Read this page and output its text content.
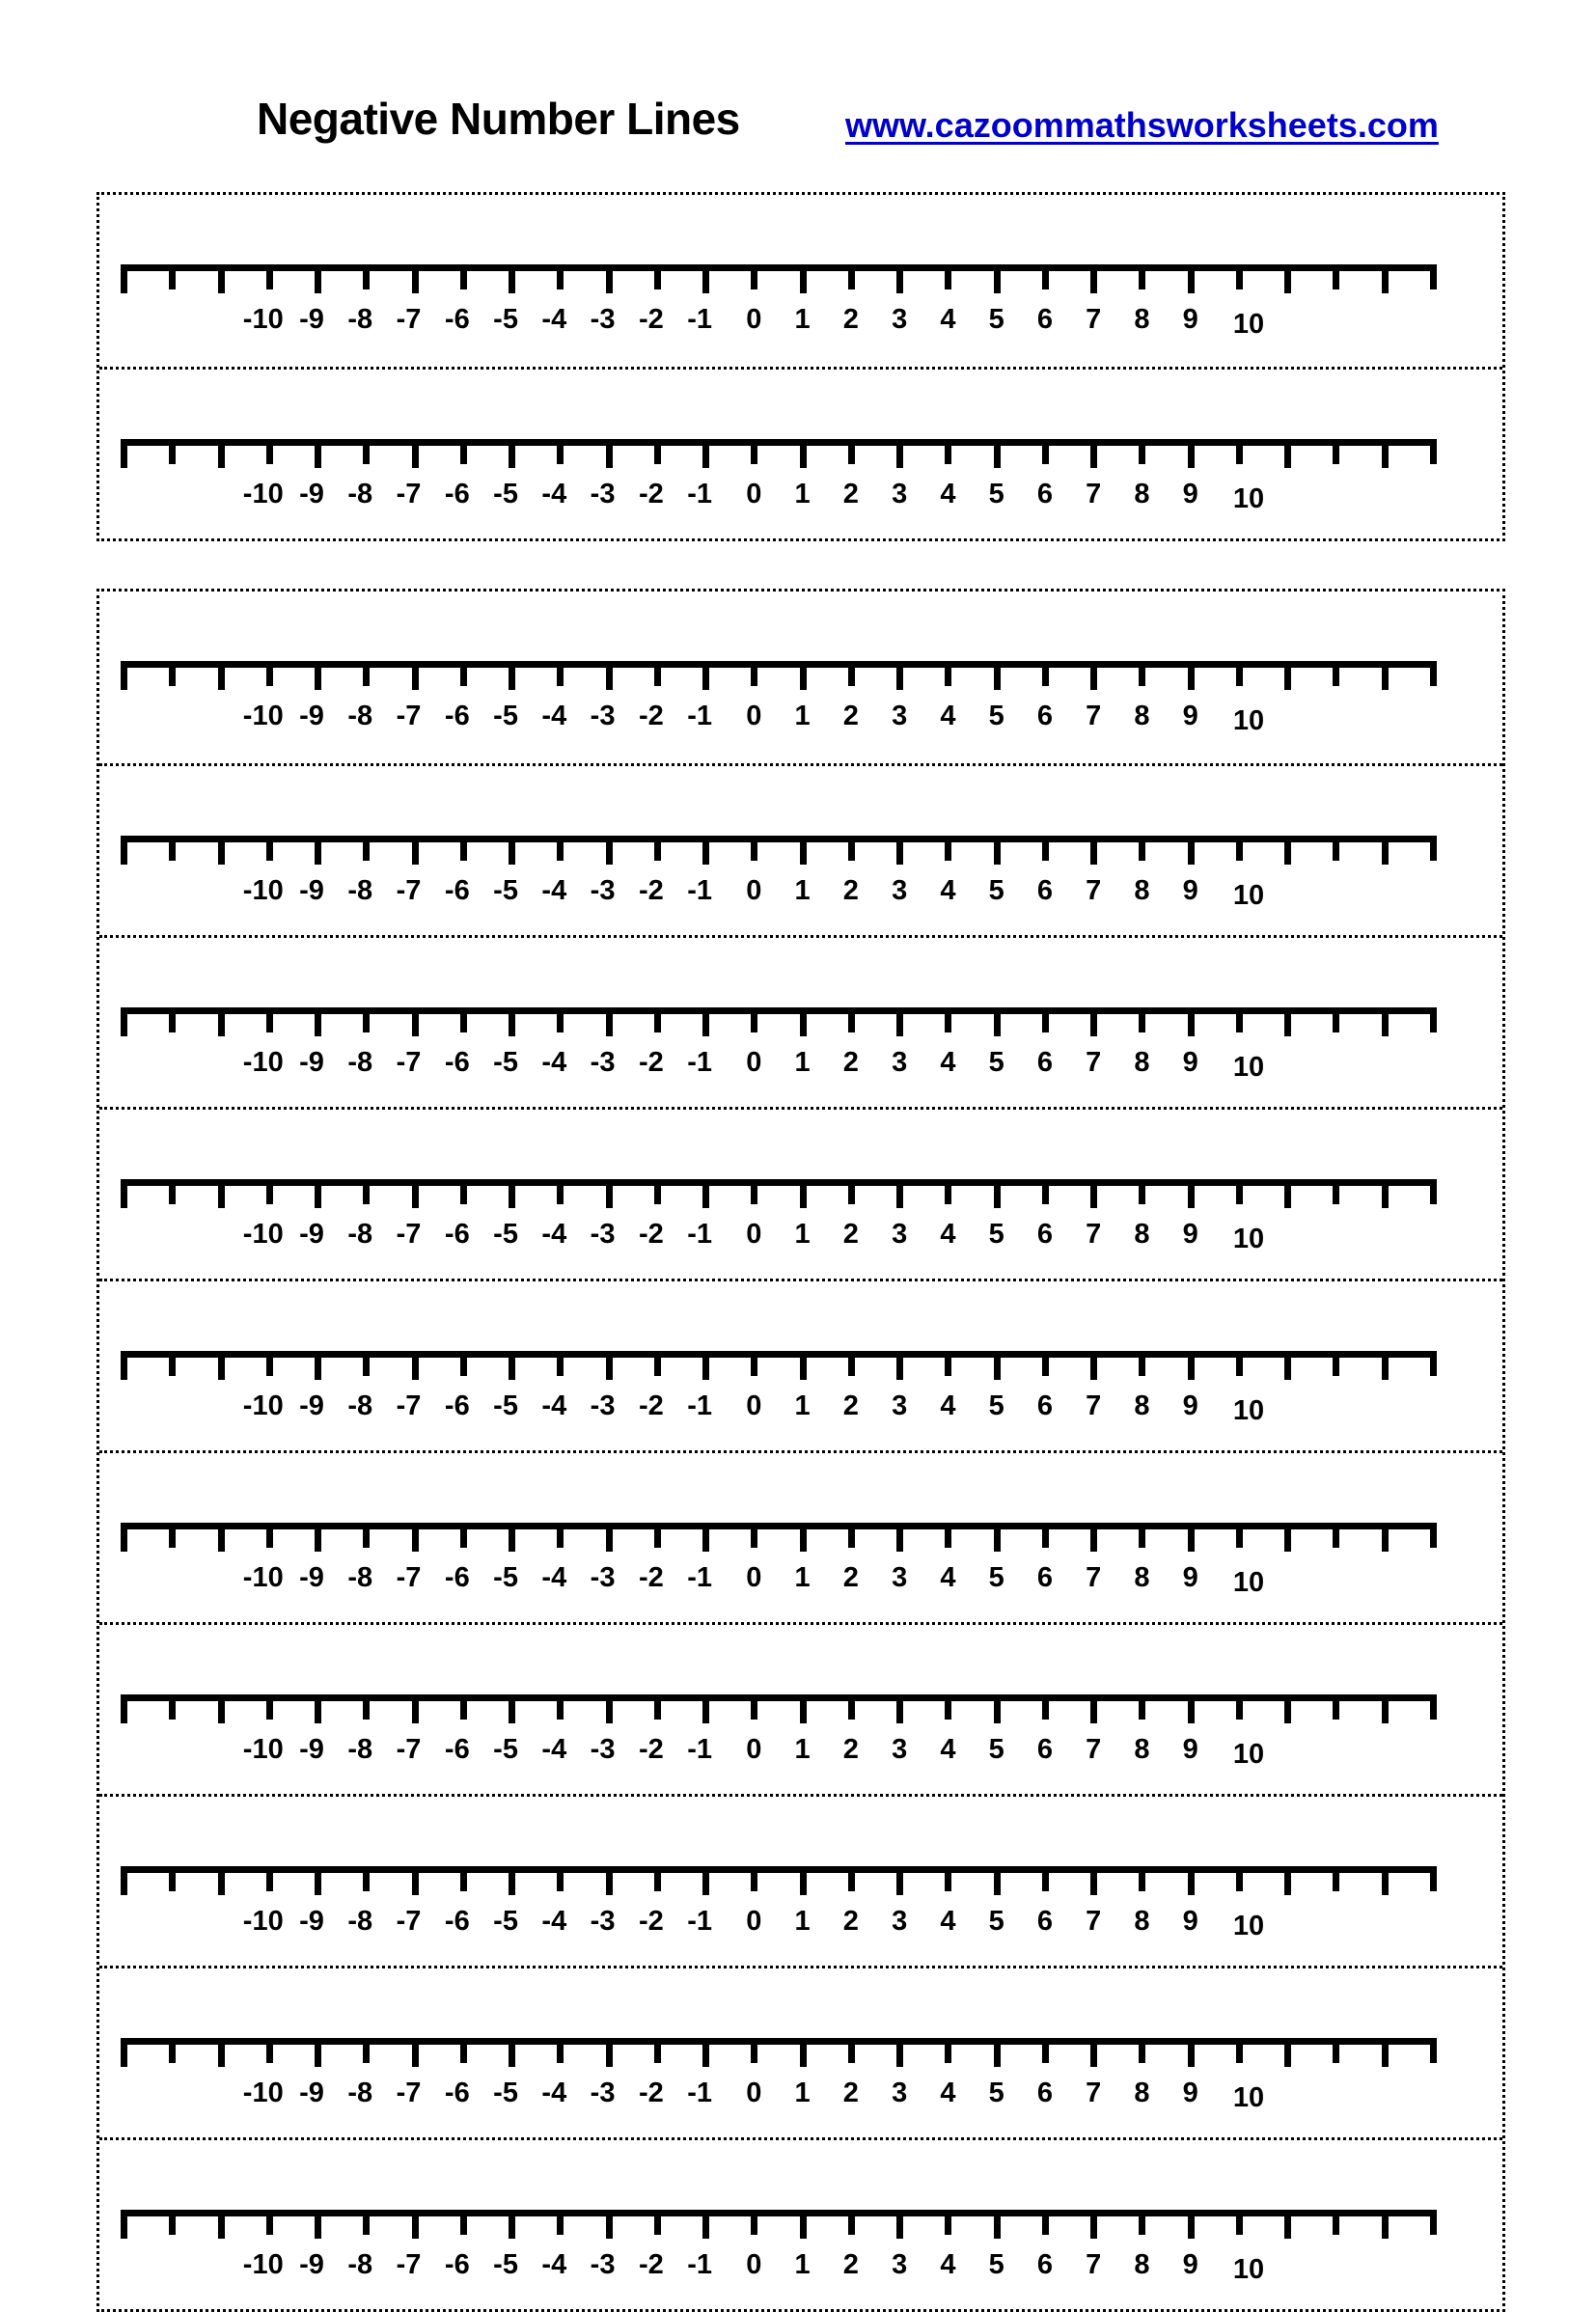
Negative Number Lines	www.cazoommathsworksheets.com
-10 -9 -8 -7 -6 -5 -4 -3 -2 -1 0 1 2 3 4 5 6 7 8 9 10
-10 -9 -8 -7 -6 -5 -4 -3 -2 -1 0 1 2 3 4 5 6 7 8 9 10
-10 -9 -8 -7 -6 -5 -4 -3 -2 -1 0 1 2 3 4 5 6 7 8 9 10
-10 -9 -8 -7 -6 -5 -4 -3 -2 -1 0 1 2 3 4 5 6 7 8 9 10
-10 -9 -8 -7 -6 -5 -4 -3 -2 -1 0 1 2 3 4 5 6 7 8 9 10
-10 -9 -8 -7 -6 -5 -4 -3 -2 -1 0 1 2 3 4 5 6 7 8 9 10
-10 -9 -8 -7 -6 -5 -4 -3 -2 -1 0 1 2 3 4 5 6 7 8 9 10
-10 -9 -8 -7 -6 -5 -4 -3 -2 -1 0 1 2 3 4 5 6 7 8 9 10
-10 -9 -8 -7 -6 -5 -4 -3 -2 -1 0 1 2 3 4 5 6 7 8 9 10
-10 -9 -8 -7 -6 -5 -4 -3 -2 -1 0 1 2 3 4 5 6 7 8 9 10
-10 -9 -8 -7 -6 -5 -4 -3 -2 -1 0 1 2 3 4 5 6 7 8 9 10
-10 -9 -8 -7 -6 -5 -4 -3 -2 -1 0 1 2 3 4 5 6 7 8 9 10
